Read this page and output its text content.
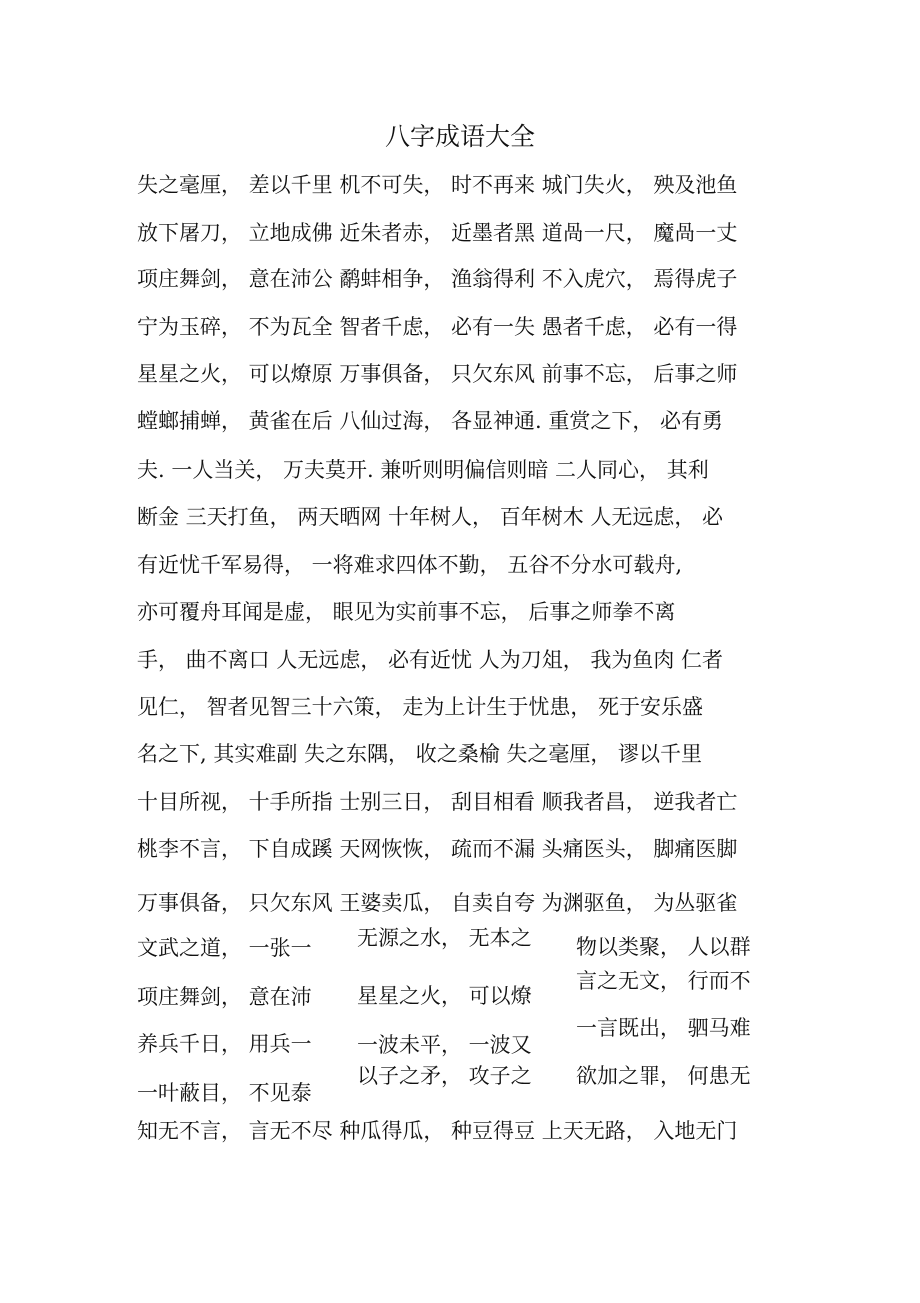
八字成语大全
失之毫厘， 差以千里 机不可失， 时不再来 城门失火， 殃及池鱼
放下屠刀， 立地成佛 近朱者赤， 近墨者黑 道咼一尺， 魔咼一丈
项庄舞剑， 意在沛公 鹬蚌相争， 渔翁得利 不入虎穴， 焉得虎子
宁为玉碎， 不为瓦全 智者千虑， 必有一失 愚者千虑， 必有一得
星星之火， 可以燎原 万事俱备， 只欠东风 前事不忘， 后事之师
螳螂捕蝉， 黄雀在后 八仙过海， 各显神通. 重赏之下， 必有勇
夫. 一人当关， 万夫莫开. 兼听则明偏信则暗 二人同心， 其利
断金 三天打鱼， 两天晒网 十年树人， 百年树木 人无远虑， 必
有近忧千军易得， 一将难求四体不勤， 五谷不分水可载舟,
亦可覆舟耳闻是虚， 眼见为实前事不忘， 后事之师拳不离
手， 曲不离口 人无远虑， 必有近忧 人为刀俎， 我为鱼肉 仁者
见仁， 智者见智三十六策， 走为上计生于忧患， 死于安乐盛
名之下, 其实难副 失之东隅， 收之桑榆 失之毫厘， 谬以千里
十目所视， 十手所指 士别三日， 刮目相看 顺我者昌， 逆我者亡
桃李不言， 下自成蹊 天网恢恢， 疏而不漏 头痛医头， 脚痛医脚
万事俱备， 只欠东风 王婆卖瓜， 自卖自夸 为渊驱鱼， 为丛驱雀
文武之道， 一张一
项庄舞剑， 意在沛
养兵千日， 用兵一
一叶蔽目， 不见泰
无源之水， 无本之
星星之火， 可以燎
一波未平， 一波又
以子之矛， 攻子之
物以类聚， 人以群
言之无文， 行而不
一言既出， 驷马难
欲加之罪， 何患无
知无不言， 言无不尽 种瓜得瓜， 种豆得豆 上天无路， 入地无门
